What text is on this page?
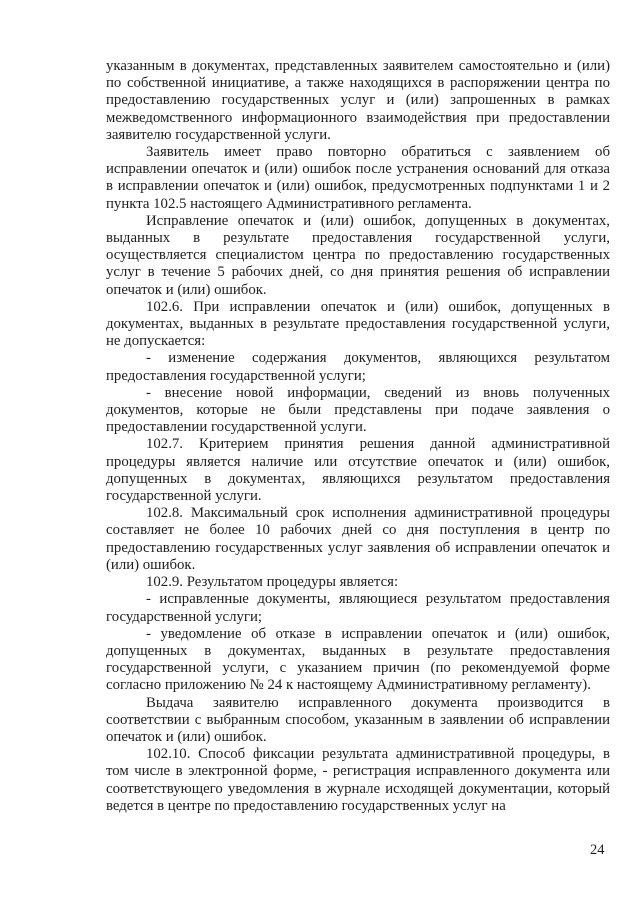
указанным в документах, представленных заявителем самостоятельно и (или) по собственной инициативе, а также находящихся в распоряжении центра по предоставлению государственных услуг и (или) запрошенных в рамках межведомственного информационного взаимодействия при предоставлении заявителю государственной услуги.

Заявитель имеет право повторно обратиться с заявлением об исправлении опечаток и (или) ошибок после устранения оснований для отказа в исправлении опечаток и (или) ошибок, предусмотренных подпунктами 1 и 2 пункта 102.5 настоящего Административного регламента.

Исправление опечаток и (или) ошибок, допущенных в документах, выданных в результате предоставления государственной услуги, осуществляется специалистом центра по предоставлению государственных услуг в течение 5 рабочих дней, со дня принятия решения об исправлении опечаток и (или) ошибок.

102.6. При исправлении опечаток и (или) ошибок, допущенных в документах, выданных в результате предоставления государственной услуги, не допускается:

- изменение содержания документов, являющихся результатом предоставления государственной услуги;

- внесение новой информации, сведений из вновь полученных документов, которые не были представлены при подаче заявления о предоставлении государственной услуги.

102.7. Критерием принятия решения данной административной процедуры является наличие или отсутствие опечаток и (или) ошибок, допущенных в документах, являющихся результатом предоставления государственной услуги.

102.8. Максимальный срок исполнения административной процедуры составляет не более 10 рабочих дней со дня поступления в центр по предоставлению государственных услуг заявления об исправлении опечаток и (или) ошибок.

102.9. Результатом процедуры является:

- исправленные документы, являющиеся результатом предоставления государственной услуги;

- уведомление об отказе в исправлении опечаток и (или) ошибок, допущенных в документах, выданных в результате предоставления государственной услуги, с указанием причин (по рекомендуемой форме согласно приложению № 24 к настоящему Административному регламенту).

Выдача заявителю исправленного документа производится в соответствии с выбранным способом, указанным в заявлении об исправлении опечаток и (или) ошибок.

102.10. Способ фиксации результата административной процедуры, в том числе в электронной форме, - регистрация исправленного документа или соответствующего уведомления в журнале исходящей документации, который ведется в центре по предоставлению государственных услуг на

24
